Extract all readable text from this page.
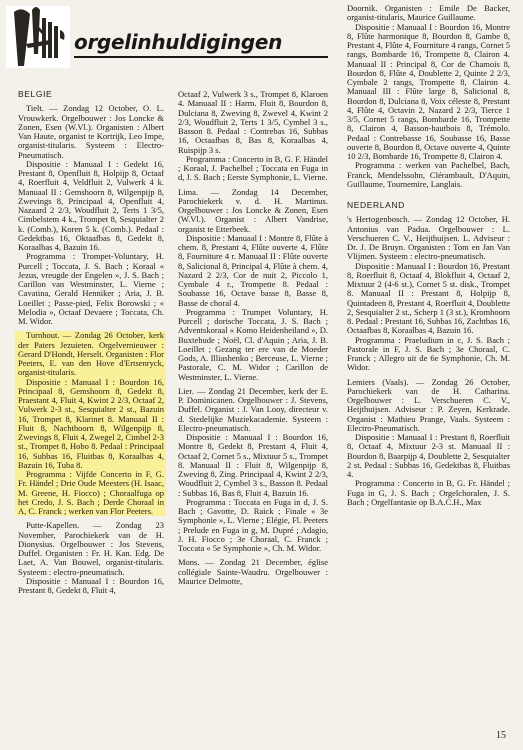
orgelinhuldigingen
BELGIE

Tielt. — Zondag 12 October, O. L. Vrouwkerk. Orgelbouwer : Jos Loncke & Zonen, Esen (W.Vl.). Organisten : Albert Van Haute, organist te Kortrijk, Leo Impe, organist-titularis. Systeem : Electro-Pneumatisch.

Dispositie : Manuaal I : Gedekt 16, Prestant 8, Openfluit 8, Holpijp 8, Octaaf 4, Roerfluit 4, Veldfluit 2, Vulwerk 4 k. Manuaal II : Gemshoorn 8, Wilgenpijp 8, Zwevings 8, Principaal 4, Openfluit 4, Nazaard 2 2/3, Woudfluit 2, Terts 1 3/5, Cimbelstem 4 k., Trompet 8, Sesquialter 2 k. (Comb.), Koren 5 k. (Comb.). Pedaal : Gedektbas 16, Oktaafbas 8, Gedekt 8, Koraalbas 4, Bazuin 16.

Programma : Trompet-Voluntary, H. Purcell ; Toccata, J. S. Bach ; Koraal « Jezus, vreugde der Engelen », J. S. Bach ; Carillon van Westminster, L. Vierne ; Cavatina, Gerald Henniker ; Aria, J. B. Loeillet ; Passe-pied, Felix Borowski ; « Melodia », Octaaf Devaere ; Toccata, Ch. M. Widor.

Turnhout. — Zondag 26 October, kerk der Paters Jezuieten. Orgelvernieuwer : Gerard D'Hondt, Herselt. Organisten : Flor Peeters, E. van den Hove d'Ertsenryck, organist-titularis.

Dispositie : Manuaal I : Bourdon 16, Principaal 8, Gemshoorn 8, Gedekt 8, Praestant 4, Fluit 4, Kwint 2 2/3, Octaaf 2, Vulwerk 2-3 st., Sesquialter 2 st., Bazuin 16, Trompet 8, Klarinet 8. Manuaal II : Fluit 8, Nachthoorn 8, Wilgenpijp 8, Zwevings 8, Fluit 4, Zwegel 2, Cimbel 2-3 st., Trompet 8, Hobo 8. Pedaal : Principaal 16, Subbas 16, Fluitbas 8, Koraalbas 4, Bazuin 16, Tuba 8.

Programma : Vijfde Concerto in F, G. Fr. Händel ; Drie Oude Meesters (H. Isaac, M. Greene, H. Fiocco) ; Choraalfuga op het Credo, J. S. Bach ; Derde Choraal in A, C. Franck ; werken van Flor Peeters.

Putte-Kapellen. — Zondag 23 November, Parochiekerk van de H. Dionysius. Orgelbouwer : Jos Stevens, Duffel. Organisten : Fr. H. Kan. Edg. De Laet, A. Van Bouwel, organist-titularis. Systeem : electro-pneumatisch.

Dispositie : Manuaal I : Bourdon 16, Prestant 8, Gedekt 8, Fluit 4,

Octaaf 2, Vulwerk 3 s., Trompet 8, Klaroen 4. Manuaal II : Harm. Fluit 8, Bourdon 8, Dulciana 8, Zweving 8, Zwevel 4, Kwint 2 2/3, Woudfluit 2, Terts 1 3/5, Cymbel 3 s., Basson 8. Pedaal : Contrebas 16, Subbas 16, Octaafbas 8, Bas 8, Koraalbas 4, Ruispijp 3 s.

Programma : Concerto in B, G. F. Händel ; Koraal, J. Pachelbel ; Toccata en Fuga in d, J. S. Bach ; Eerste Symphonie, L. Vierne.

Lima. — Zondag 14 December, Parochiekerk v. d. H. Martinus. Orgelbouwer : Jos Loncke & Zonen, Esen (W.Vl.). Organist : Albert Vandrise, organist te Etterbeek.

Dispositie : Manuaal I : Montre 8, Flûte à chem. 8, Prestant 4, Flûte ouverte 4, Flûte 8, Fourniture 4 r. Manuaal II : Flûte ouverte 8, Salicional 8, Principal 4, Flûte à chem. 4, Nazard 2 2/3, Cor de nuit 2, Piccolo 1, Cymbale 4 r., Trompette 8. Pedaal : Soubasse 16, Octave basse 8, Basse 8, Basse de choral 4.

Programma : Trumpet Voluntary, H. Purcell ; dorische Toccata, J. S. Bach ; Adventskoraal « Komo Heidenheiland », D. Buxtehude ; Noël, Cl. d'Aquin ; Aria, J. B. Loeillet ; Gezang ter ere van de Moeder Gods, A. Illiashenko ; Berceuse, L. Vierne ; Pastorale, C. M. Widor ; Carillon de Westminster, L. Vierne.

Lier. — Zondag 21 December, kerk der E. P. Dominicanen. Orgelbouwer : J. Stevens, Duffel. Organist : J. Van Looy, directeur v. d. Stedelijke Muziekacademie. Systeem : Electro-pneumatisch.

Dispositie : Manuaal I : Bourdon 16, Montre 8, Gedekt 8, Prestant 4, Fluit 4, Octaaf 2, Cornet 5 s., Mixtuur 5 s., Trompet 8. Manuaal II : Fluit 8, Wilgenpijp 8, Zweving 8, Zing. Principaal 4, Kwint 2 2/3, Woudfluit 2, Cymbel 3 s., Basson 8. Pedaal : Subbas 16, Bas 8, Fluit 4, Bazuin 16.

Programma : Toccata en Fuga in d, J. S. Bach ; Gavotte, D. Raick ; Finale « 3e Symphonie », L. Vierne ; Elégie, Fl. Peeters ; Prelude en Fuga in g, M. Dupré ; Adagio, J. H. Fiocco ; 3e Choraal, C. Franck ; Toccata « 5e Symphonie », Ch. M. Widor.

Mons. — Zondag 21 December, église collégiale Sainte-Waudru. Orgelbouwer : Maurice Delmotte,

Doornik. Organisten : Emile De Backer, organist-titularis, Maurice Guillaume.

Dispositie : Manuaal I : Bourdon 16, Montre 8, Flûte harmonique 8, Bourdon 8, Gambe 8, Prestant 4, Flûte 4, Fourniture 4 rangs, Cornet 5 rangs, Bombarde 16, Trompette 8, Clairon 4. Manuaal II : Principal 8, Cor de Chamois 8, Bourdon 8, Flûte 4, Doublette 2, Quinte 2 2/3, Cymbale 2 rangs, Trompette 8, Clairon 4. Manuaal III : Flûte large 8, Salicional 8, Bourdon 8, Dulciana 8, Voix céleste 8, Prestant 4, Flûte 4, Octavin 2, Nazard 2 2/3, Tierce 1 3/5, Cornet 5 rangs, Bombarde 16, Trompette 8, Clairon 4, Basson-hautbois 8, Trémolo. Pedaal : Contrebasse 16, Soubasse 16, Basse ouverte 8, Bourdon 8, Octave ouverte 4, Quinte 10 2/3, Bombarde 16, Trompette 8, Clairon 4.

Programma : werken van Pachelbel, Bach, Franck, Mendelssohn, Clérambault, D'Aquin, Guillaume, Tournemire, Langlais.

NEDERLAND

's Hertogenbosch. — Zondag 12 October, H. Antonius van Padua. Orgelbouwer : L. Verschueren C. V., Heijthuijsen. L. Adviseur : Dr. J. De Bruyn. Organisten : Tom en Jan Van Vlijmen. Systeem : electro-pneumatisch.

Dispositie : Manuaal I : Bourdon 16, Prestant 8, Roerfluit 8, Octaaf 4, Blokfluit 4, Octaaf 2, Mixtuur 2 (4-6 st.), Cornet 5 st. disk., Trompet 8. Manuaal II : Prestant 8, Holpijp 8, Quintadeen 8, Prestant 4, Roerfluit 4, Doublette 2, Sesquialter 2 st., Scherp 1 (3 st.), Kromhoorn 8. Pedaal : Prestant 16, Subbas 16, Zachtbas 16, Octaafbas 8, Koraalbas 4, Bazuin 16.

Programma : Praeludium in c, J. S. Bach ; Pastorale in F, J. S. Bach ; 3e Choraal, C. Franck ; Allegro uit de 6e Symphonie, Ch. M. Widor.

Lemiers (Vaals). — Zondag 26 October, Parochiekerk van de H. Catharina. Orgelbouwer : L. Verschueren C. V., Heijthuijsen. Adviseur : P. Zeyen, Kerkrade. Organist : Mathieu Prange, Vaals. Systeem : Electro-Pneumatisch.

Dispositie : Manuaal I : Prestant 8, Roerfluit 8, Octaaf 4, Mixtuur 2-3 st. Manuaal II : Bourdon 8, Baarpijp 4, Doublette 2, Sesquialter 2 st. Pedaal : Subbas 16, Gedektbas 8, Fluitbas 4.

Programma : Concerto in B, G. Fr. Händel ; Fuga in G, J. S. Bach ; Orgelchoralen, J. S. Bach ; Orgelfantasie op B.A.C.H., Max

15
